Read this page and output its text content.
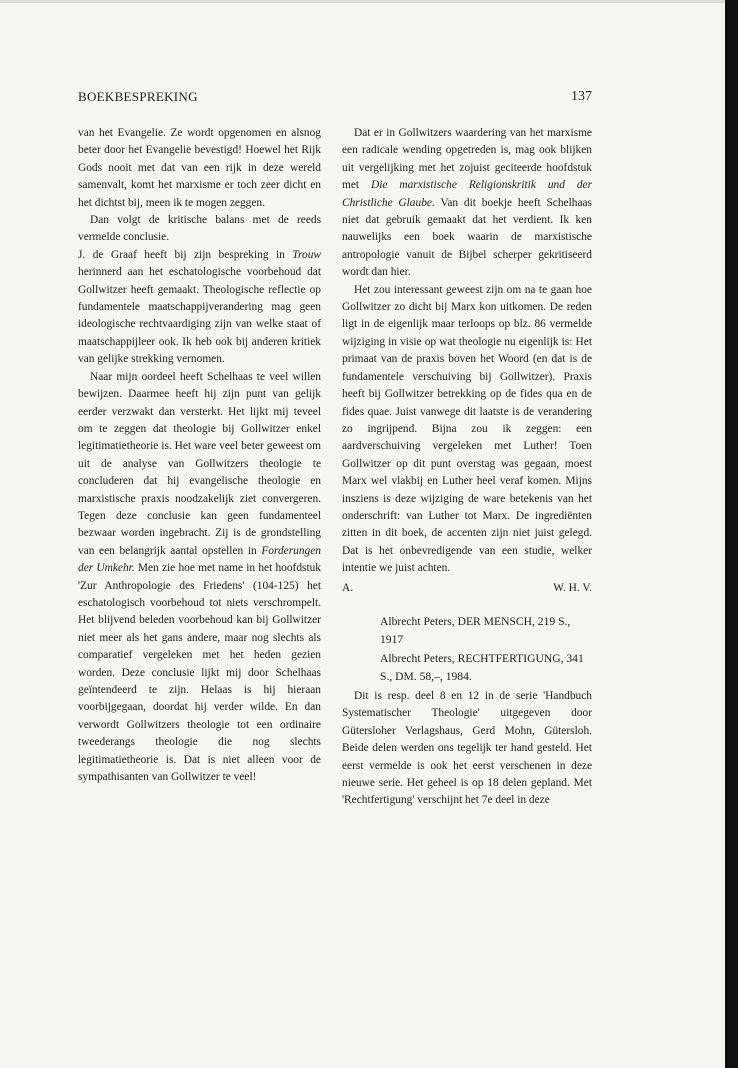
BOEKBESPREKING	137

van het Evangelie. Ze wordt opgenomen en alsnog beter door het Evangelie bevestigd! Hoewel het Rijk Gods nooit met dat van een rijk in deze wereld samenvalt, komt het marxisme er toch zeer dicht en het dichtst bij, meen ik te mogen zeggen.

Dan volgt de kritische balans met de reeds vermelde conclusie.

J. de Graaf heeft bij zijn bespreking in Trouw herinnerd aan het eschatologische voorbehoud dat Gollwitzer heeft gemaakt. Theologische reflectie op fundamentele maatschappijverandering mag geen ideologische rechtvaardiging zijn van welke staat of maatschappijleer ook. Ik heb ook bij anderen kritiek van gelijke strekking vernomen.

Naar mijn oordeel heeft Schelhaas te veel willen bewijzen. Daarmee heeft hij zijn punt van gelijk eerder verzwakt dan versterkt. Het lijkt mij teveel om te zeggen dat theologie bij Gollwitzer enkel legitimatietheorie is. Het ware veel beter geweest om uit de analyse van Gollwitzers theologie te concluderen dat hij evangelische theologie en marxistische praxis noodzakelijk ziet convergeren. Tegen deze conclusie kan geen fundamenteel bezwaar worden ingebracht. Zij is de grondstelling van een belangrijk aantal opstellen in Forderungen der Umkehr. Men zie hoe met name in het hoofdstuk 'Zur Anthropologie des Friedens' (104-125) het eschatologisch voorbehoud tot niets verschrompelt. Het blijvend beleden voorbehoud kan bij Gollwitzer niet meer als het gans andere, maar nog slechts als comparatief vergeleken met het heden gezien worden. Deze conclusie lijkt mij door Schelhaas geïntendeerd te zijn. Helaas is hij hieraan voorbijgegaan, doordat hij verder wilde. En dan verwordt Gollwitzers theologie tot een ordinaire tweederangs theologie die nog slechts legitimatietheorie is. Dat is niet alleen voor de sympathisanten van Gollwitzer te veel!

Dat er in Gollwitzers waardering van het marxisme een radicale wending opgetreden is, mag ook blijken uit vergelijking met het zojuist geciteerde hoofdstuk met Die marxistische Religionskritik und der Christliche Glaube. Van dit boekje heeft Schelhaas niet dat gebruik gemaakt dat het verdient. Ik ken nauwelijks een boek waarin de marxistische antropologie vanuit de Bijbel scherper gekritiseerd wordt dan hier.

Het zou interessant geweest zijn om na te gaan hoe Gollwitzer zo dicht bij Marx kon uitkomen. De reden ligt in de eigenlijk maar terloops op blz. 86 vermelde wijziging in visie op wat theologie nu eigenlijk is: Het primaat van de praxis boven het Woord (en dat is de fundamentele verschuiving bij Gollwitzer). Praxis heeft bij Gollwitzer betrekking op de fides qua en de fides quae. Juist vanwege dit laatste is de verandering zo ingrijpend. Bijna zou ik zeggen: een aardverschuiving vergeleken met Luther! Toen Gollwitzer op dit punt overstag was gegaan, moest Marx wel vlakbij en Luther heel veraf komen. Mijns insziens is deze wijziging de ware betekenis van het onderschrift: van Luther tot Marx. De ingrediënten zitten in dit boek, de accenten zijn niet juist gelegd. Dat is het onbevredigende van een studie, welker intentie we juist achten.

A.	W. H. V.

Albrecht Peters, DER MENSCH, 219 S., 1917

Albrecht Peters, RECHTFERTIGUNG, 341 S., DM. 58,–, 1984.

Dit is resp. deel 8 en 12 in de serie 'Handbuch Systematischer Theologie' uitgegeven door Gütersloher Verlagshaus, Gerd Mohn, Gütersloh. Beide delen werden ons tegelijk ter hand gesteld. Het eerst vermelde is ook het eerst verschenen in deze nieuwe serie. Het geheel is op 18 delen gepland. Met 'Rechtfertigung' verschijnt het 7e deel in deze
